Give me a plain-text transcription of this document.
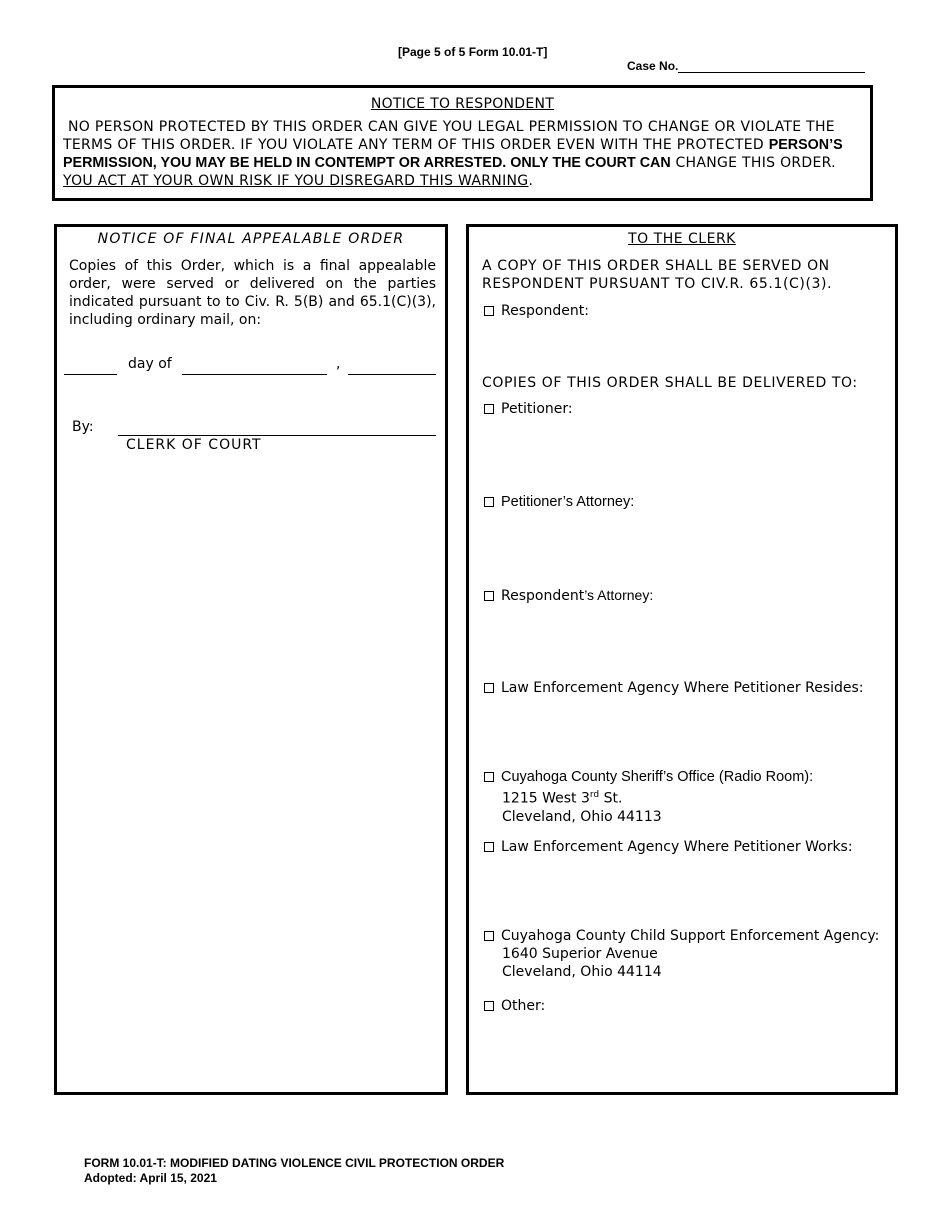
[Page 5 of 5 Form 10.01-T]
Case No.
NOTICE TO RESPONDENT
NO PERSON PROTECTED BY THIS ORDER CAN GIVE YOU LEGAL PERMISSION TO CHANGE OR VIOLATE THE TERMS OF THIS ORDER. IF YOU VIOLATE ANY TERM OF THIS ORDER EVEN WITH THE PROTECTED PERSON’S PERMISSION, YOU MAY BE HELD IN CONTEMPT OR ARRESTED. ONLY THE COURT CAN CHANGE THIS ORDER. YOU ACT AT YOUR OWN RISK IF YOU DISREGARD THIS WARNING.
NOTICE OF FINAL APPEALABLE ORDER
Copies of this Order, which is a final appealable order, were served or delivered on the parties indicated pursuant to to Civ. R. 5(B) and 65.1(C)(3), including ordinary mail, on:
day of	,
By:
CLERK OF COURT
TO THE CLERK
A COPY OF THIS ORDER SHALL BE SERVED ON RESPONDENT PURSUANT TO CIV.R. 65.1(C)(3).
Respondent:
COPIES OF THIS ORDER SHALL BE DELIVERED TO:
Petitioner:
Petitioner’s Attorney:
Respondent’s Attorney:
Law Enforcement Agency Where Petitioner Resides:
Cuyahoga County Sheriff’s Office (Radio Room):
1215 West 3rd St.
Cleveland, Ohio 44113
Law Enforcement Agency Where Petitioner Works:
Cuyahoga County Child Support Enforcement Agency:
1640 Superior Avenue
Cleveland, Ohio 44114
Other:
FORM 10.01-T: MODIFIED DATING VIOLENCE CIVIL PROTECTION ORDER
Adopted: April 15, 2021
